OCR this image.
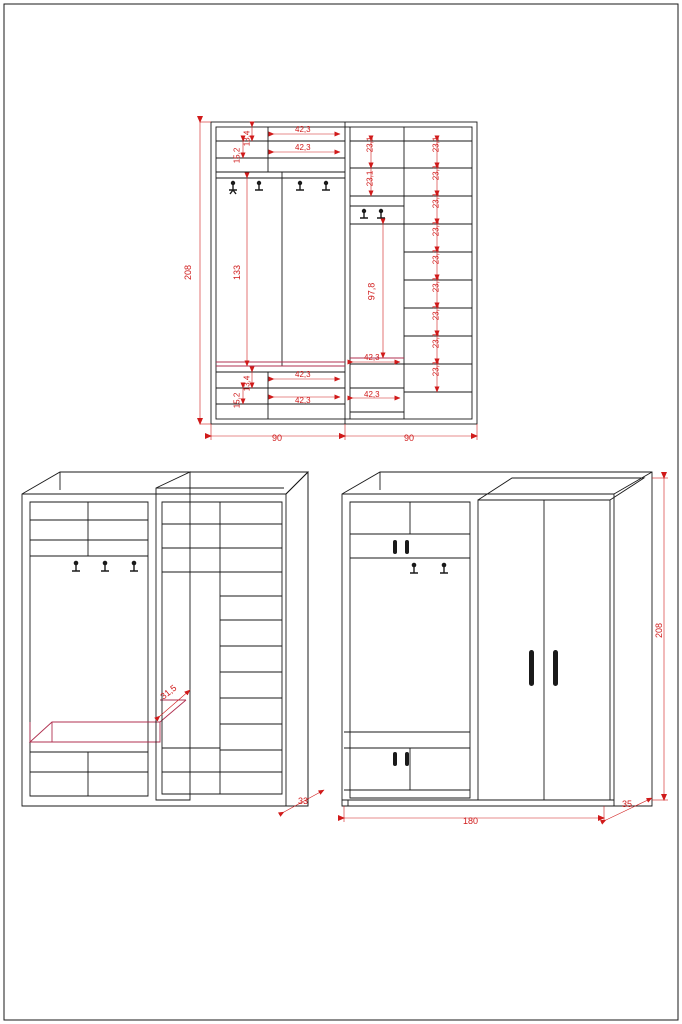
208	133
97,8
13,4
15,2
42,3
42,3
13,4
15,2
42,3
42,3
42,3
42,3
23,1
23,1
23,1
23,1
23,1
23,1
23,1
23,1
23,1
23,1
23,1
90	90
33
31,5
208
180
35
